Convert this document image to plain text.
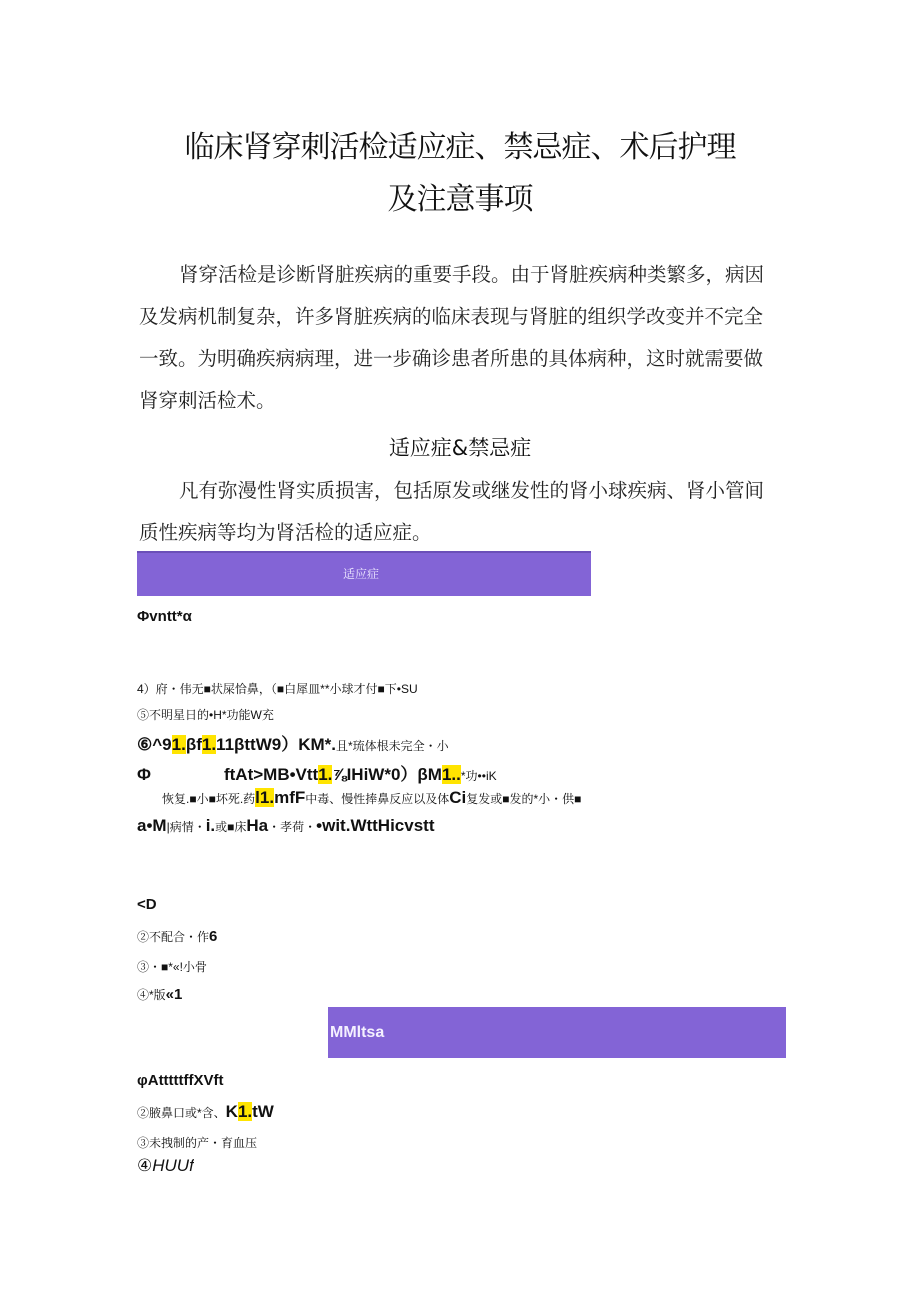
临床肾穿刺活检适应症、禁忌症、术后护理
及注意事项
肾穿活检是诊断肾脏疾病的重要手段。由于肾脏疾病种类繁多，病因
及发病机制复杂，许多肾脏疾病的临床表现与肾脏的组织学改变并不完全
一致。为明确疾病病理，进一步确诊患者所患的具体病种，这时就需要做
肾穿刺活检术。
适应症&禁忌症
凡有弥漫性肾实质损害，包括原发或继发性的肾小球疾病、肾小管间
质性疾病等均为肾活检的适应症。
适应症
Φvntt*α
4）府・伟无■状屎恰鼻，（■白犀皿**小球才付■下•SU
⑤不明星日的•H*功能W充
⑥^91.βf1.11βttW9）KM*.且*琉体根未完全・小
Φ	ftAt>MB•Vtt1.⅞IHiW*0）βM1..*功••iK
恢复.■小■坏死.药l1.mfF中毒、慢性捧鼻反应以及体Ci复发或■发的*小・供■
a•M|病情・i.或■床Ha・孝荷・•wit.WttHicvstt
<D
②不配合・作6
③・■*«!小骨
④*版«1
MMltsa
φAtttttffXVft
②腋鼻口或*含、K1.tW
③未拽制的产・育血压
④HUUf
